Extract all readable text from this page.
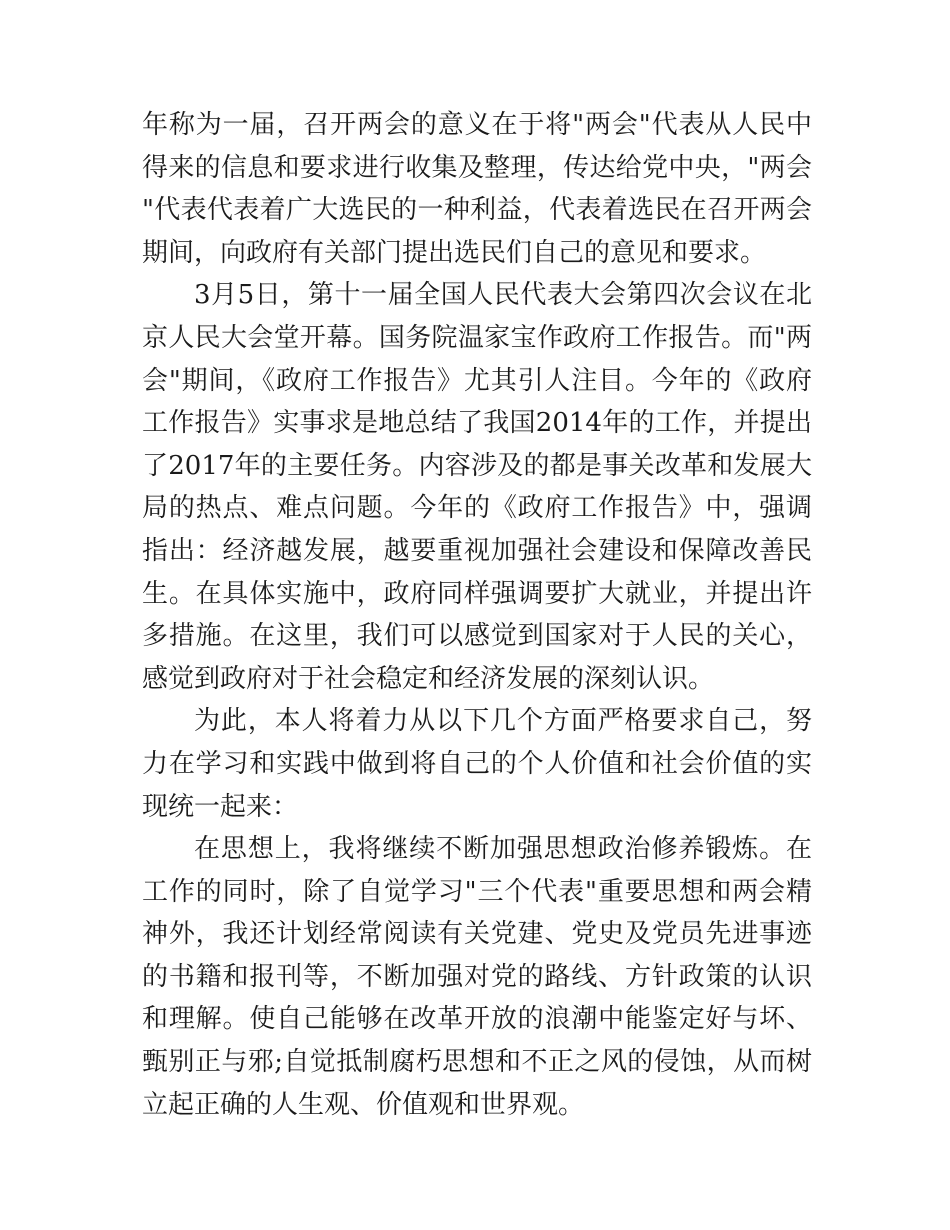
年称为一届，召开两会的意义在于将"两会"代表从人民中得来的信息和要求进行收集及整理，传达给党中央，"两会"代表代表着广大选民的一种利益，代表着选民在召开两会期间，向政府有关部门提出选民们自己的意见和要求。

3月5日，第十一届全国人民代表大会第四次会议在北京人民大会堂开幕。国务院温家宝作政府工作报告。而"两会"期间，《政府工作报告》尤其引人注目。今年的《政府工作报告》实事求是地总结了我国2014年的工作，并提出了2017年的主要任务。内容涉及的都是事关改革和发展大局的热点、难点问题。今年的《政府工作报告》中，强调指出：经济越发展，越要重视加强社会建设和保障改善民生。在具体实施中，政府同样强调要扩大就业，并提出许多措施。在这里，我们可以感觉到国家对于人民的关心，感觉到政府对于社会稳定和经济发展的深刻认识。

为此，本人将着力从以下几个方面严格要求自己，努力在学习和实践中做到将自己的个人价值和社会价值的实现统一起来：

在思想上，我将继续不断加强思想政治修养锻炼。在工作的同时，除了自觉学习"三个代表"重要思想和两会精神外，我还计划经常阅读有关党建、党史及党员先进事迹的书籍和报刊等，不断加强对党的路线、方针政策的认识和理解。使自己能够在改革开放的浪潮中能鉴定好与坏、甄别正与邪;自觉抵制腐朽思想和不正之风的侵蚀，从而树立起正确的人生观、价值观和世界观。
